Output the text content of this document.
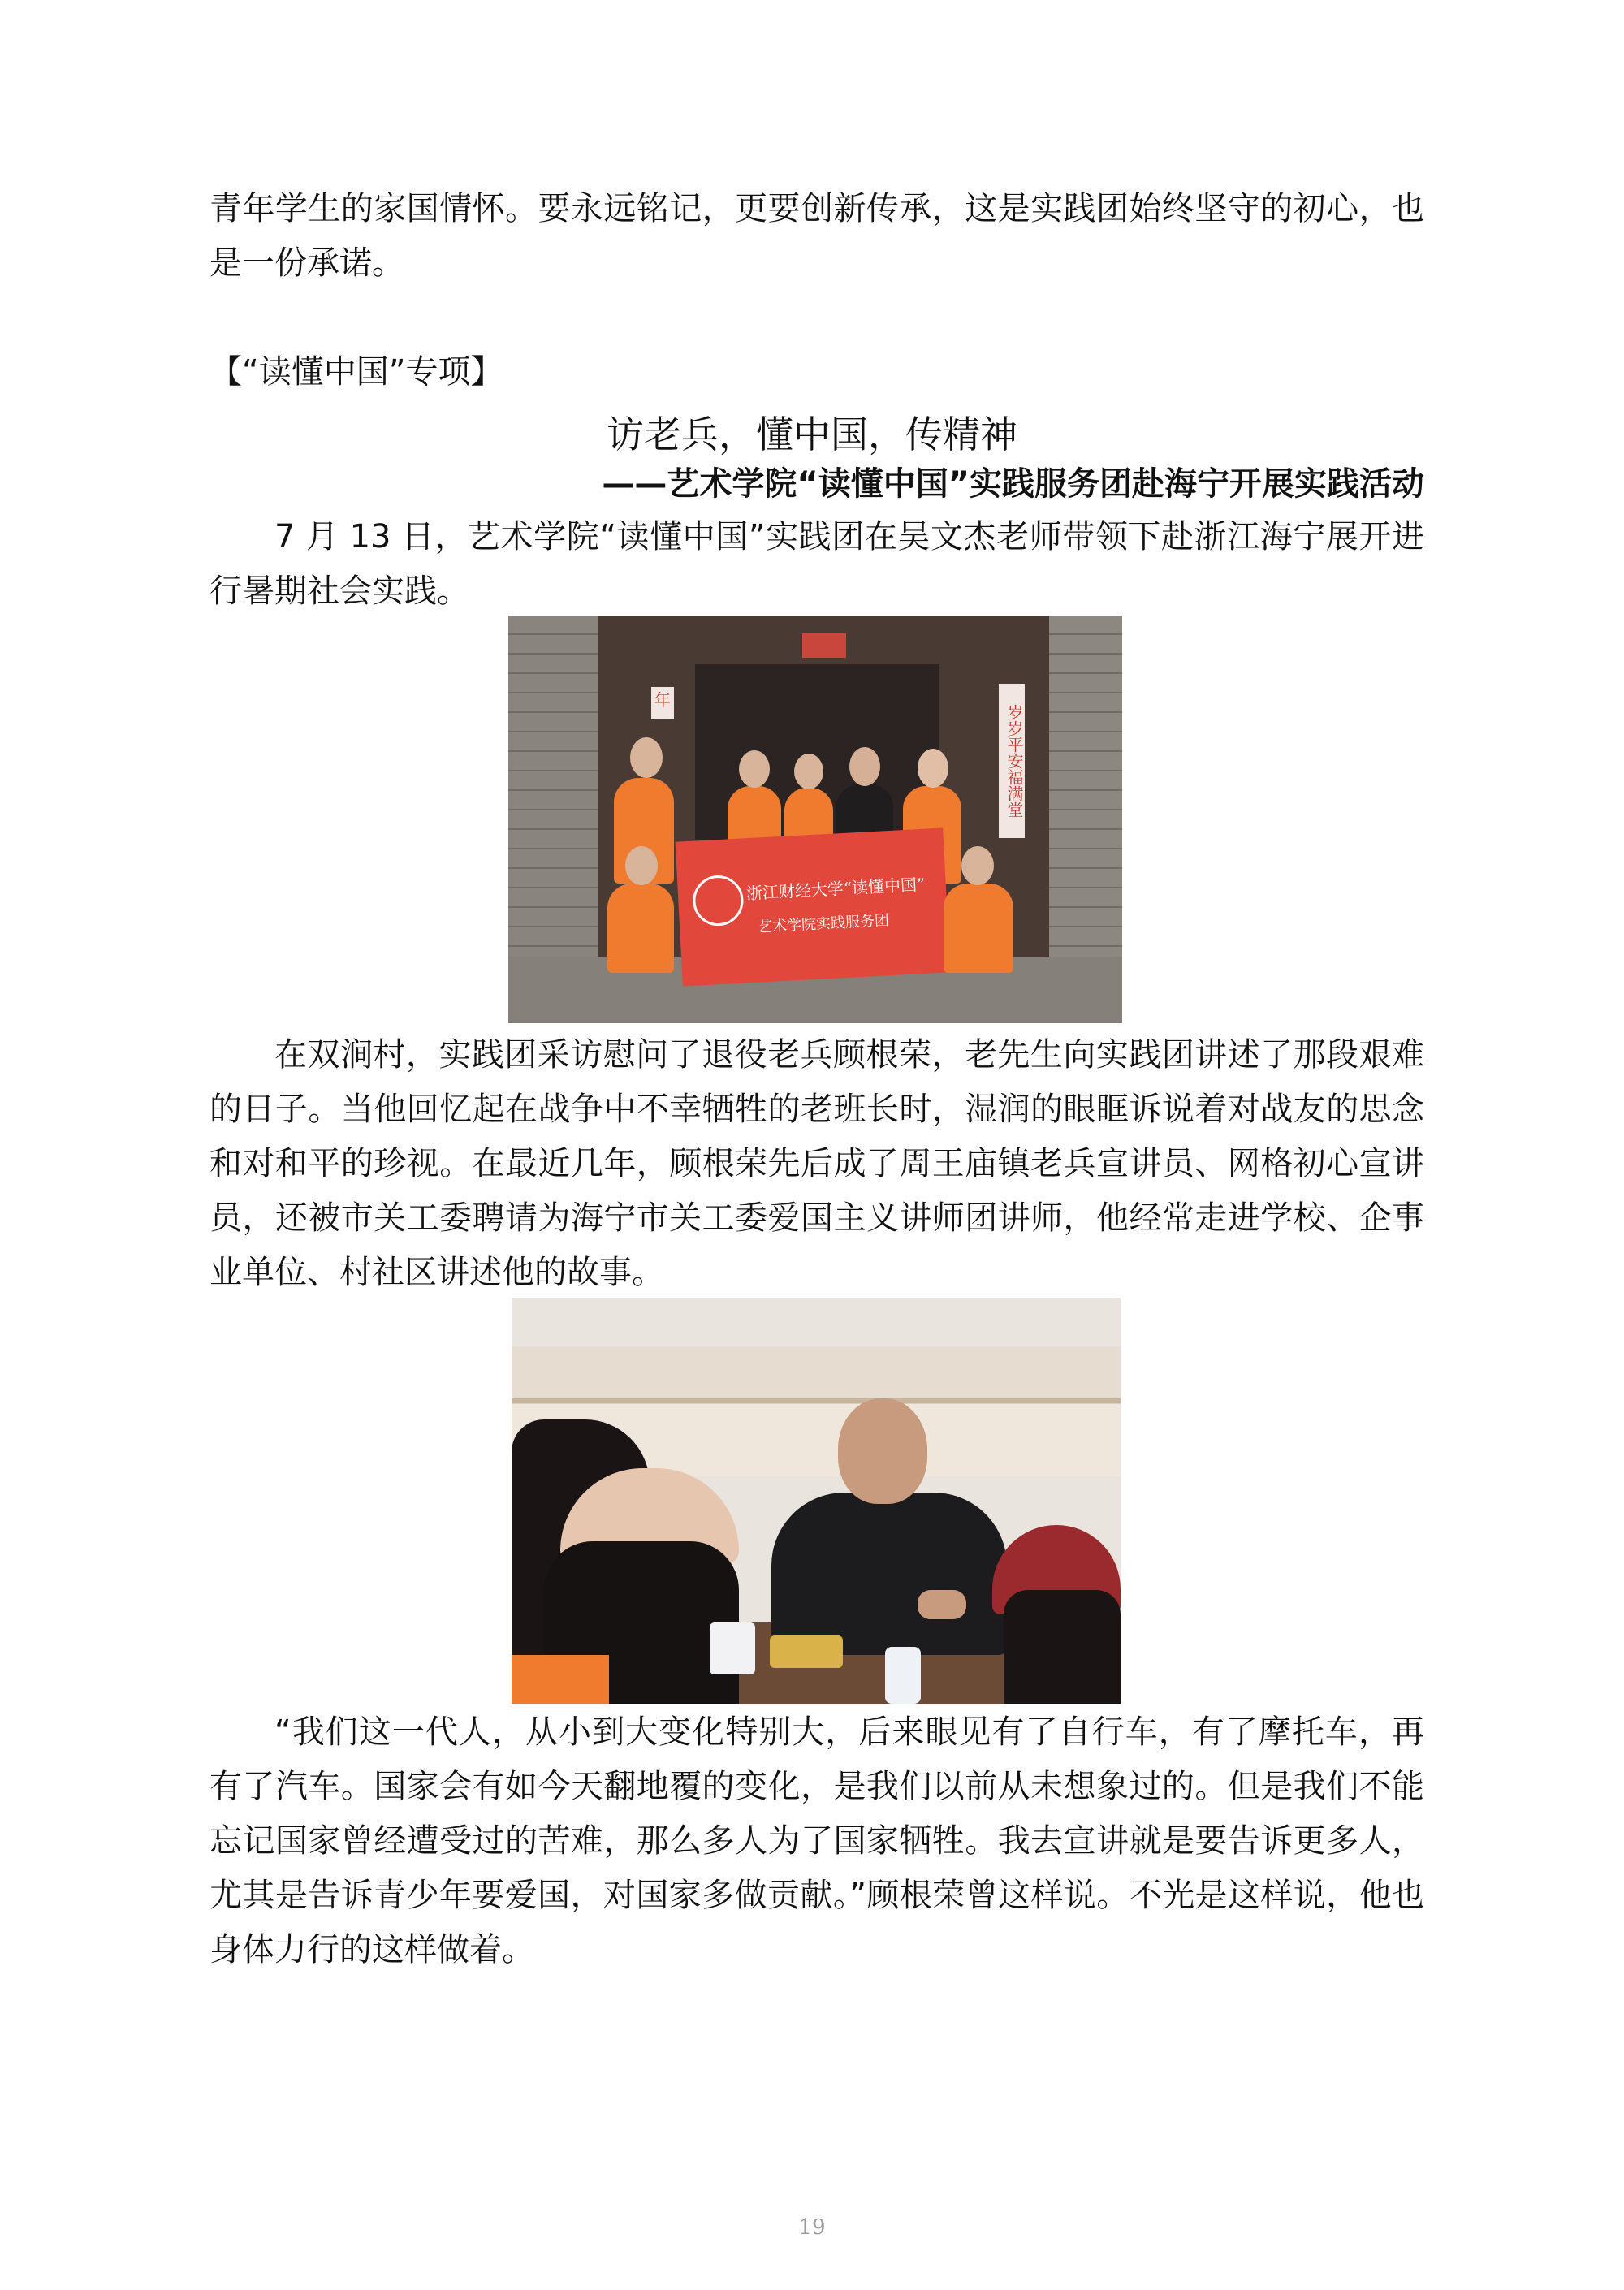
青年学生的家国情怀。要永远铭记，更要创新传承，这是实践团始终坚守的初心，也是一份承诺。

【“读懂中国”专项】

访老兵，懂中国，传精神
——艺术学院“读懂中国”实践服务团赴海宁开展实践活动

7 月 13 日，艺术学院“读懂中国”实践团在吴文杰老师带领下赴浙江海宁展开进行暑期社会实践。

岁岁平安福满堂
年
浙江财经大学“读懂中国”
艺术学院实践服务团

在双涧村，实践团采访慰问了退役老兵顾根荣，老先生向实践团讲述了那段艰难的日子。当他回忆起在战争中不幸牺牲的老班长时，湿润的眼眶诉说着对战友的思念和对和平的珍视。在最近几年，顾根荣先后成了周王庙镇老兵宣讲员、网格初心宣讲员，还被市关工委聘请为海宁市关工委爱国主义讲师团讲师，他经常走进学校、企事业单位、村社区讲述他的故事。

“我们这一代人，从小到大变化特别大，后来眼见有了自行车，有了摩托车，再有了汽车。国家会有如今天翻地覆的变化，是我们以前从未想象过的。但是我们不能忘记国家曾经遭受过的苦难，那么多人为了国家牺牲。我去宣讲就是要告诉更多人，尤其是告诉青少年要爱国，对国家多做贡献。”顾根荣曾这样说。不光是这样说，他也身体力行的这样做着。

19
